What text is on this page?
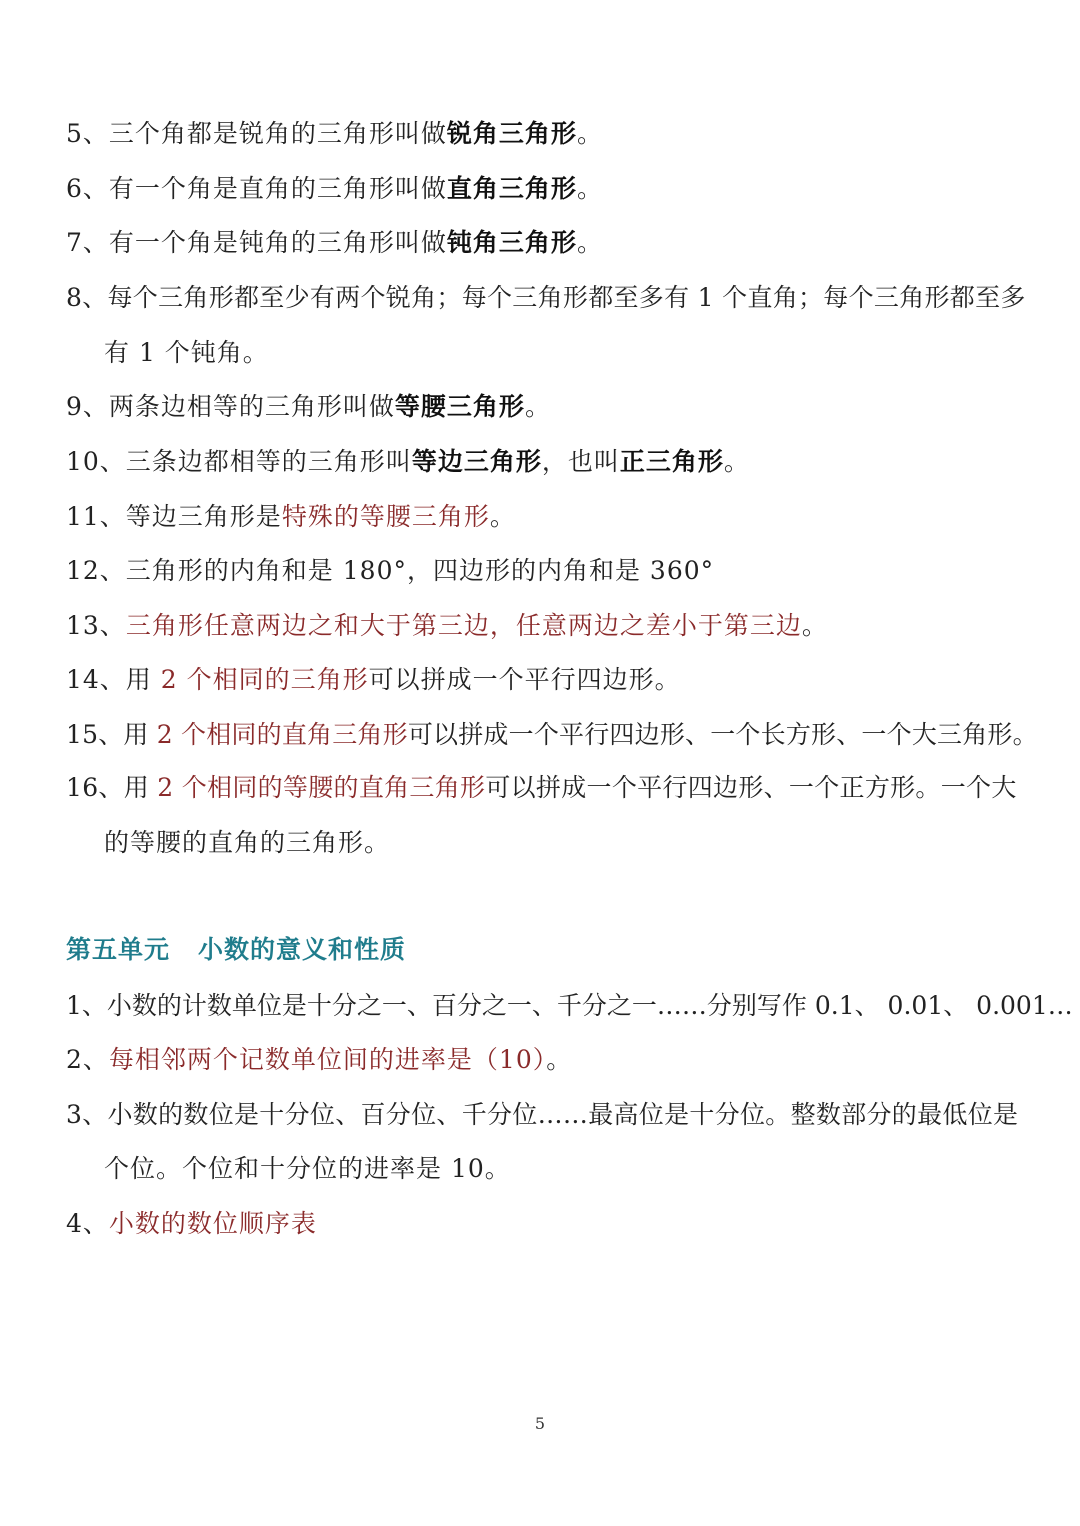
5、三个角都是锐角的三角形叫做锐角三角形。
6、有一个角是直角的三角形叫做直角三角形。
7、有一个角是钝角的三角形叫做钝角三角形。
8、每个三角形都至少有两个锐角；每个三角形都至多有 1 个直角；每个三角形都至多
有 1 个钝角。
9、两条边相等的三角形叫做等腰三角形。
10、三条边都相等的三角形叫等边三角形，也叫正三角形。
11、等边三角形是特殊的等腰三角形。
12、三角形的内角和是 180°，四边形的内角和是 360°
13、三角形任意两边之和大于第三边，任意两边之差小于第三边。
14、用 2 个相同的三角形可以拼成一个平行四边形。
15、用 2 个相同的直角三角形可以拼成一个平行四边形、一个长方形、一个大三角形。
16、用 2 个相同的等腰的直角三角形可以拼成一个平行四边形、一个正方形。一个大
的等腰的直角的三角形。
第五单元 小数的意义和性质
1、小数的计数单位是十分之一、百分之一、千分之一……分别写作 0.1、 0.01、 0.001…
2、每相邻两个记数单位间的进率是（10）。
3、小数的数位是十分位、百分位、千分位……最高位是十分位。整数部分的最低位是
个位。个位和十分位的进率是 10。
4、小数的数位顺序表
5
